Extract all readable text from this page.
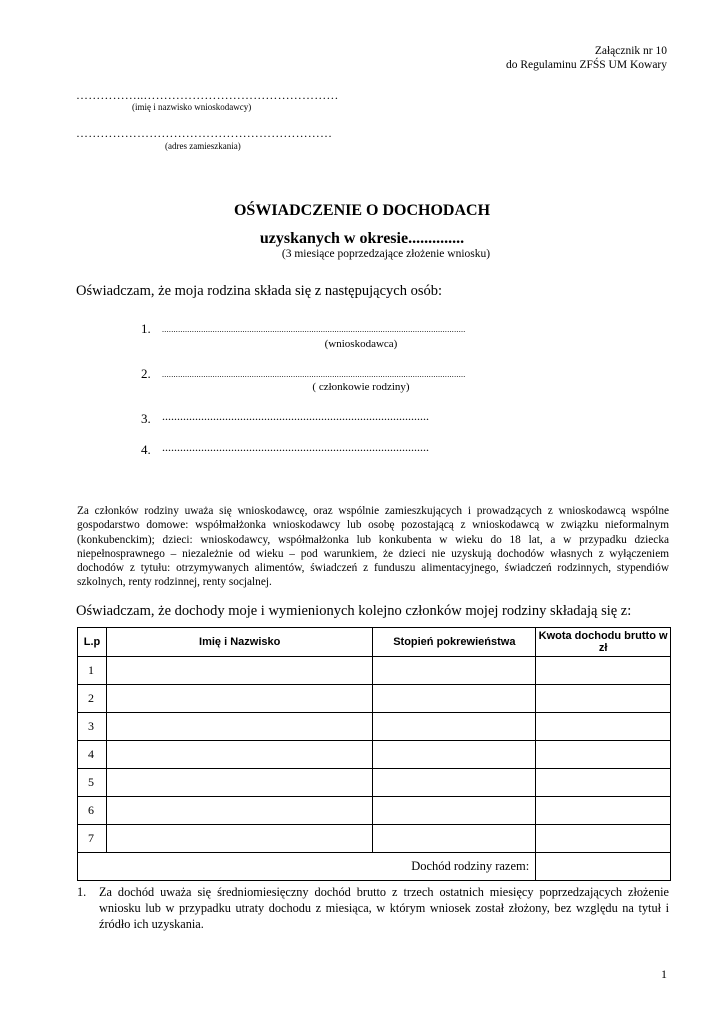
Załącznik nr 10
do Regulaminu ZFŚS UM Kowary
……………..…………………………………………
(imię i nazwisko wnioskodawcy)
………………………………………………………
(adres zamieszkania)
OŚWIADCZENIE O DOCHODACH
uzyskanych w okresie..............
(3 miesiące poprzedzające złożenie wniosku)
Oświadczam, że moja rodzina składa się z następujących osób:
1. ....................................................................................................................................
(wnioskodawca)
2. ....................................................................................................................................
( członkowie rodziny)
3. .........................................................................................
4. .........................................................................................
Za członków rodziny uważa się wnioskodawcę, oraz wspólnie zamieszkujących i prowadzących z wnioskodawcą wspólne gospodarstwo domowe: współmałżonka wnioskodawcy lub osobę pozostającą z wnioskodawcą w związku nieformalnym (konkubenckim); dzieci: wnioskodawcy, współmałżonka lub konkubenta w wieku do 18 lat, a w przypadku dziecka niepełnosprawnego – niezależnie od wieku – pod warunkiem, że dzieci nie uzyskują dochodów własnych z wyłączeniem dochodów z tytułu: otrzymywanych alimentów, świadczeń z funduszu alimentacyjnego, świadczeń rodzinnych, stypendiów szkolnych, renty rodzinnej, renty socjalnej.
Oświadczam, że dochody moje i wymienionych kolejno członków mojej rodziny składają się z:
L.p	Imię i Nazwisko	Stopień pokrewieństwa	Kwota dochodu brutto w zł
1			
2			
3			
4			
5			
6			
7			
Dochód rodziny razem:			
1. Za dochód uważa się średniomiesięczny dochód brutto z trzech ostatnich miesięcy poprzedzających złożenie wniosku lub w przypadku utraty dochodu z miesiąca, w którym wniosek został złożony, bez względu na tytuł i źródło ich uzyskania.
1
